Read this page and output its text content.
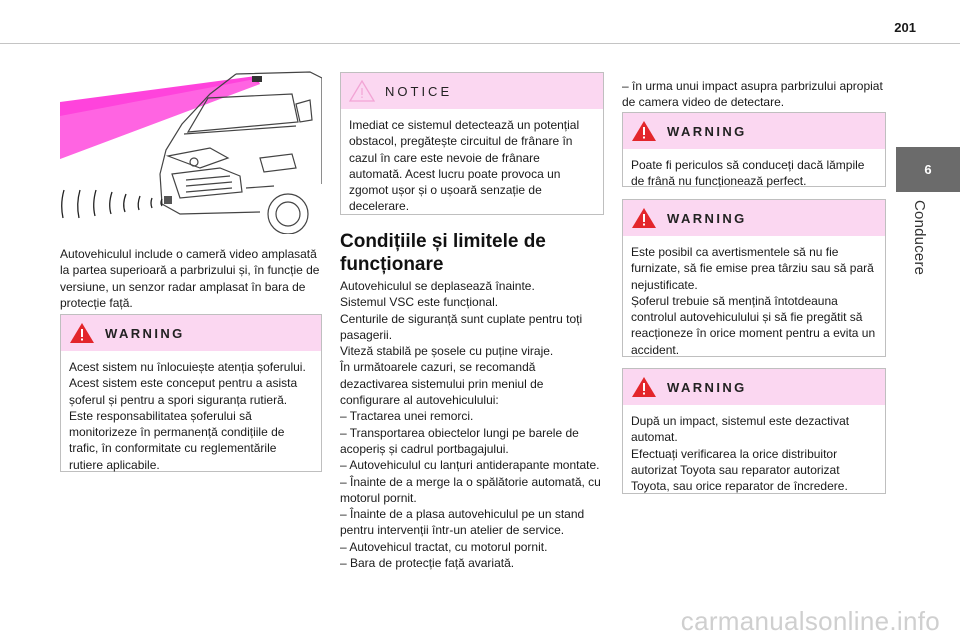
201
6
Conducere

Autovehiculul include o cameră video amplasată la partea superioară a parbrizului și, în funcție de versiune, un senzor radar amplasat în bara de protecție față.

WARNING
Acest sistem nu înlocuiește atenția șoferului.
Acest sistem este conceput pentru a asista șoferul și pentru a spori siguranța rutieră.
Este responsabilitatea șoferului să monitorizeze în permanență condițiile de trafic, în conformitate cu reglementările rutiere aplicabile.
NOTICE
Imediat ce sistemul detectează un potențial obstacol, pregătește circuitul de frânare în cazul în care este nevoie de frânare automată. Acest lucru poate provoca un zgomot ușor și o ușoară senzație de decelerare.
Condițiile și limitele de funcționare
Autovehiculul se deplasează înainte.
Sistemul VSC este funcțional.
Centurile de siguranță sunt cuplate pentru toți pasagerii.
Viteză stabilă pe șosele cu puține viraje.
În următoarele cazuri, se recomandă dezactivarea sistemului prin meniul de configurare al autovehiculului:
– Tractarea unei remorci.
– Transportarea obiectelor lungi pe barele de acoperiș și cadrul portbagajului.
– Autovehiculul cu lanțuri antiderapante montate.
– Înainte de a merge la o spălătorie automată, cu motorul pornit.
– Înainte de a plasa autovehiculul pe un stand pentru intervenții într-un atelier de service.
– Autovehicul tractat, cu motorul pornit.
– Bara de protecție față avariată.
– în urma unui impact asupra parbrizului apropiat de camera video de detectare.
WARNING
Poate fi periculos să conduceți dacă lămpile de frână nu funcționează perfect.
WARNING
Este posibil ca avertismentele să nu fie furnizate, să fie emise prea târziu sau să pară nejustificate.
Șoferul trebuie să mențină întotdeauna controlul autovehiculului și să fie pregătit să reacționeze în orice moment pentru a evita un accident.
WARNING
După un impact, sistemul este dezactivat automat.
Efectuați verificarea la orice distribuitor autorizat Toyota sau reparator autorizat Toyota, sau orice reparator de încredere.
carmanualsonline.info
